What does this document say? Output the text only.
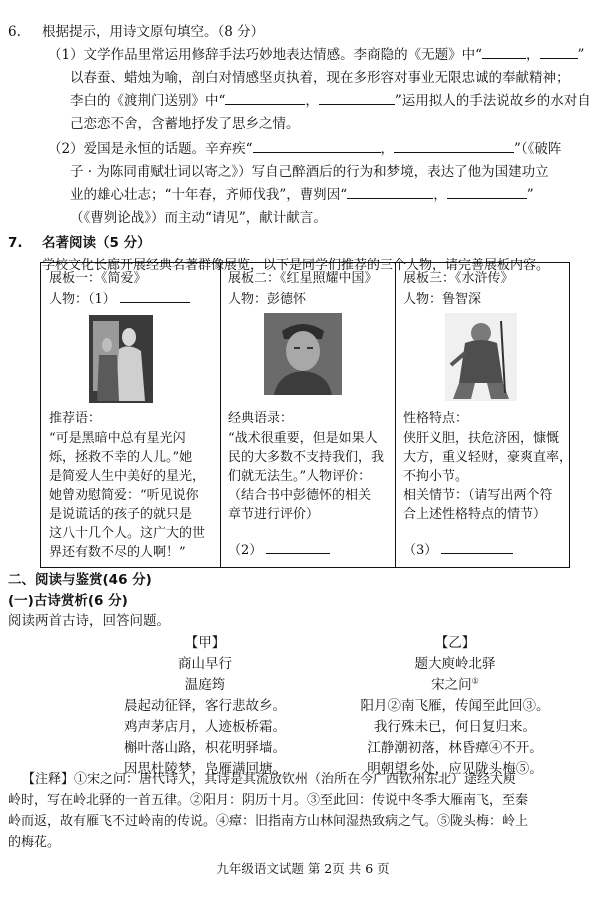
6. 根据提示，用诗文原句填空。（8 分）
（1）文学作品里常运用修辞手法巧妙地表达情感。李商隐的《无题》中“	，	”
以春蚕、蜡烛为喻，剖白对情感坚贞执着，现在多形容对事业无限忠诚的奉献精神；
李白的《渡荆门送别》中“	，	”运用拟人的手法说故乡的水对自
己恋恋不舍，含蓄地抒发了思乡之情。
（2）爱国是永恒的话题。辛弃疾“	，	”（《破阵
子 · 为陈同甫赋壮词以寄之》）写自己醉酒后的行为和梦境，表达了他为国建功立
业的雄心壮志；“十年春，齐师伐我”，曹刿因“	，	”
（《曹刿论战》）而主动“请见”，献计献言。
7. 名著阅读（5 分）
学校文化长廊开展经典名著群像展览，以下是同学们推荐的三个人物，请完善展板内容。
展板一：《简爱》
人物：（1）
推荐语：
“可是黑暗中总有星光闪
烁，拯救不幸的人儿。”她
是简爱人生中美好的星光，
她曾劝慰简爱：“听见说你
是说谎话的孩子的就只是
这八十几个人。这广大的世
界还有数不尽的人啊！”
展板二：《红星照耀中国》
人物：彭德怀
经典语录：
“战术很重要，但是如果人
民的大多数不支持我们，我
们就无法生。”人物评价：
（结合书中彭德怀的相关
章节进行评价）
（2）
展板三：《水浒传》
人物：鲁智深
性格特点：
侠肝义胆，扶危济困，慷慨
大方，重义轻财，豪爽直率，
不拘小节。
相关情节：（请写出两个符
合上述性格特点的情节）
（3）
二、阅读与鉴赏(46 分)
(一)古诗赏析(6 分)
阅读两首古诗，回答问题。
【甲】
商山早行
温庭筠
晨起动征铎，客行悲故乡。
鸡声茅店月，人迹板桥霜。
槲叶落山路，枳花明驿墙。
因思杜陵梦，凫雁满回塘。
【乙】
题大庾岭北驿
宋之问①
阳月②南飞雁，传闻至此回③。
我行殊未已，何日复归来。
江静潮初落，林昏瘴④不开。
明朝望乡处，应见陇头梅⑤。
【注释】①宋之问：唐代诗人，其诗是其流放钦州（治所在今广西钦州东北）途经大庾
岭时，写在岭北驿的一首五律。②阳月：阴历十月。③至此回：传说中冬季大雁南飞，至秦
岭而返，故有雁飞不过岭南的传说。④瘴：旧指南方山林间湿热致病之气。⑤陇头梅：岭上
的梅花。
九年级语文试题 第 2页 共 6 页
